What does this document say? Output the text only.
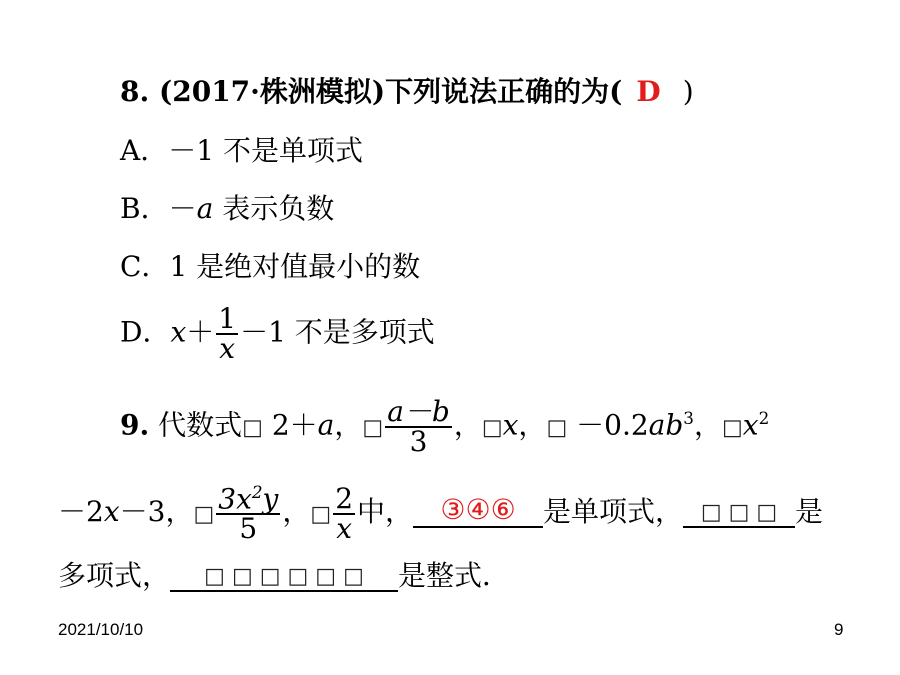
8. (2017·株洲模拟)下列说法正确的为( D )
A．－1 不是单项式
B．－a 表示负数
C．1 是绝对值最小的数
D．$x+ \frac{1}{x} -1$ 不是多项式
9. 代数式□ 2＋a，□ $\frac{a-b}{3}$ ，□x，□ $-0.2ab^3$，$□x^2$
－2x－3，□ $\frac{3x^2y}{5}$ ，□ $\frac{2}{x}$ 中， ③④⑥ 是单项式， □ □ □ 是
多项式， □ □ □ □ □ □ 是整式．
2021/10/10	9
